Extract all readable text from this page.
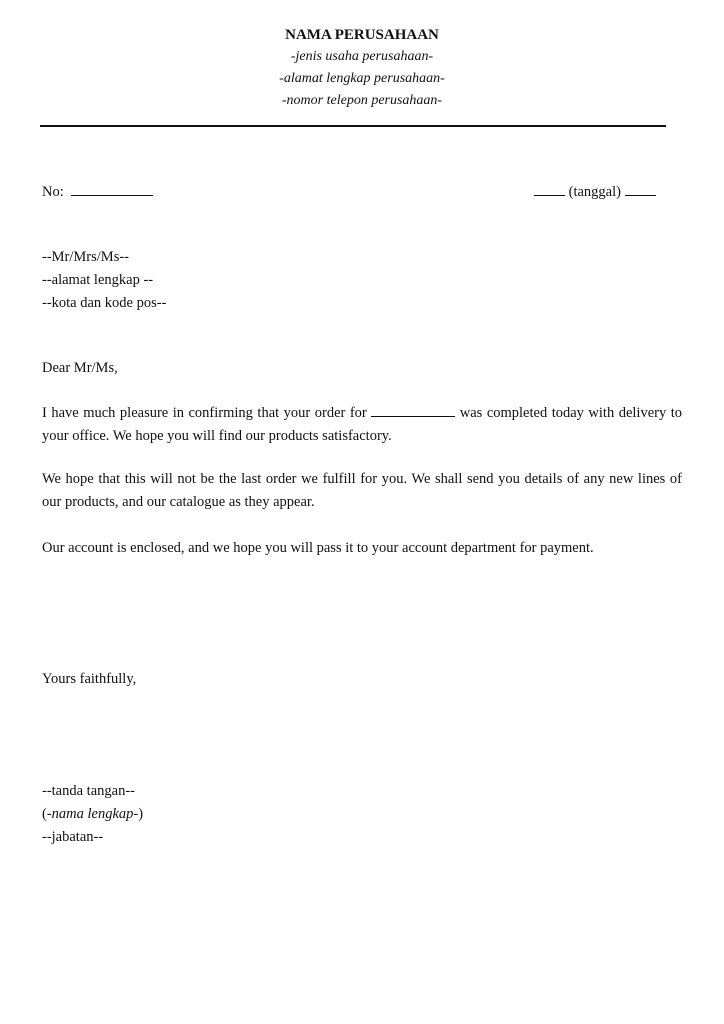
NAMA PERUSAHAAN
-jenis usaha perusahaan-
-alamat lengkap perusahaan-
-nomor telepon perusahaan-
No:	(tanggal)
--Mr/Mrs/Ms--
--alamat lengkap --
--kota dan kode pos--
Dear Mr/Ms,
I have much pleasure in confirming that your order for	was completed today with delivery to your office. We hope you will find our products satisfactory.
We hope that this will not be the last order we fulfill for you. We shall send you details of any new lines of our products, and our catalogue as they appear.
Our account is enclosed, and we hope you will pass it to your account department for payment.
Yours faithfully,
--tanda tangan--
(-nama lengkap-)
--jabatan--
